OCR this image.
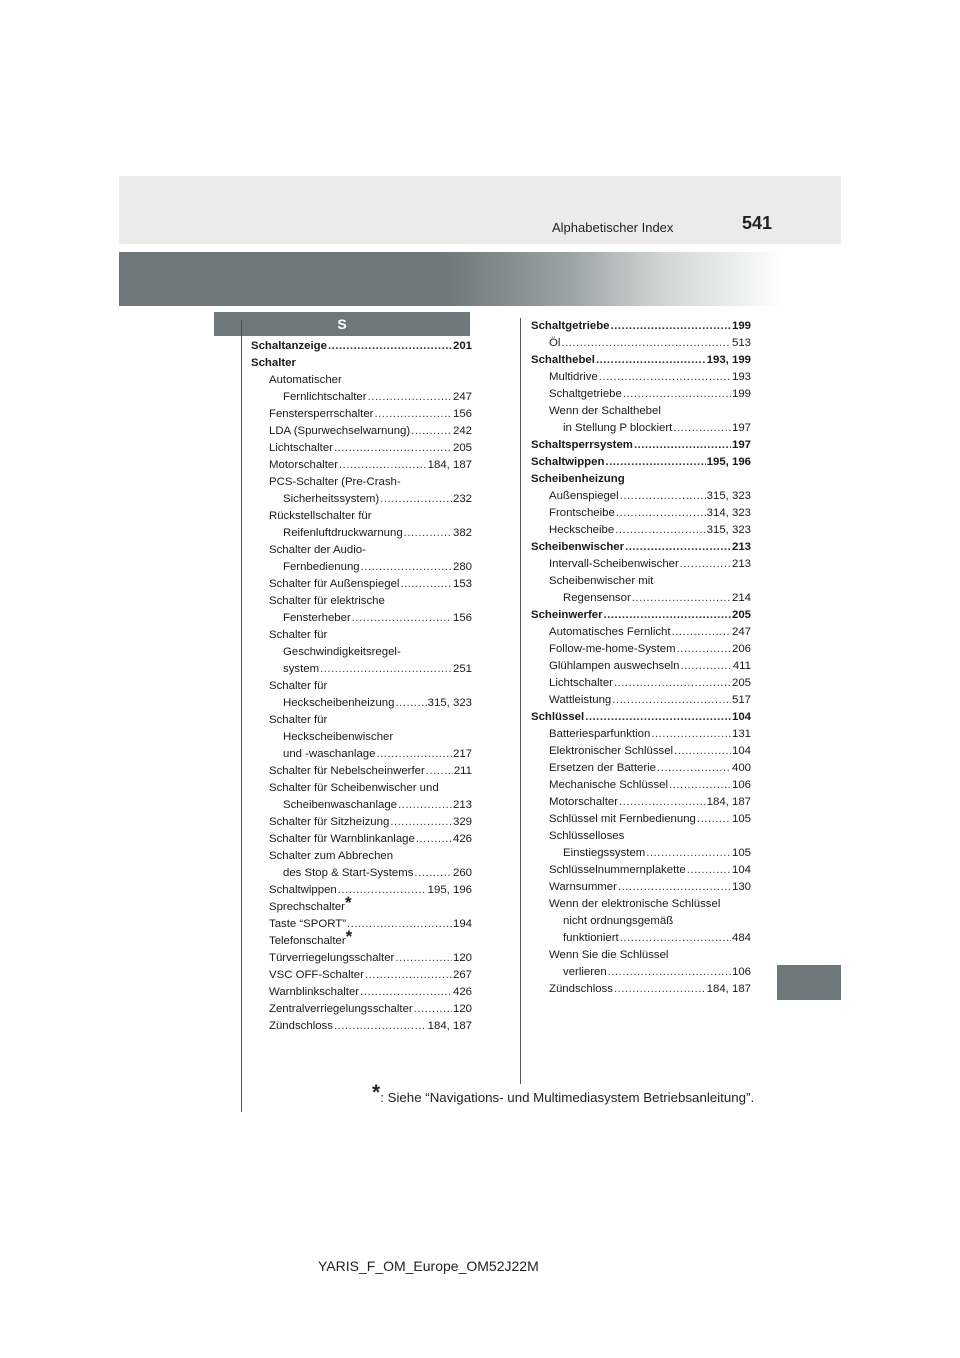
Alphabetischer Index	541
S
Schaltanzeige .....	201
Schalter
Automatischer
Fernlichtschalter .....	247
Fenstersperrschalter .....	156
LDA (Spurwechselwarnung) .....	242
Lichtschalter .....	205
Motorschalter .....	184, 187
PCS-Schalter (Pre-Crash-
Sicherheitssystem) .....	232
Rückstellschalter für
Reifenluftdruckwarnung .....	382
Schalter der Audio-
Fernbedienung .....	280
Schalter für Außenspiegel .....	153
Schalter für elektrische
Fensterheber .....	156
Schalter für
Geschwindigkeitsregel-
system .....	251
Schalter für
Heckscheibenheizung .....	315, 323
Schalter für
Heckscheibenwischer
und -waschanlage .....	217
Schalter für Nebelscheinwerfer .....	211
Schalter für Scheibenwischer und
Scheibenwaschanlage .....	213
Schalter für Sitzheizung .....	329
Schalter für Warnblinkanlage .....	426
Schalter zum Abbrechen
des Stop & Start-Systems .....	260
Schaltwippen .....	195, 196
Sprechschalter*
Taste “SPORT” .....	194
Telefonschalter*
Türverriegelungsschalter .....	120
VSC OFF-Schalter .....	267
Warnblinkschalter .....	426
Zentralverriegelungsschalter .....	120
Zündschloss .....	184, 187
Schaltgetriebe .....	199
Öl .....	513
Schalthebel .....	193, 199
Multidrive .....	193
Schaltgetriebe .....	199
Wenn der Schalthebel
in Stellung P blockiert .....	197
Schaltsperrsystem .....	197
Schaltwippen .....	195, 196
Scheibenheizung
Außenspiegel .....	315, 323
Frontscheibe .....	314, 323
Heckscheibe .....	315, 323
Scheibenwischer .....	213
Intervall-Scheibenwischer .....	213
Scheibenwischer mit
Regensensor .....	214
Scheinwerfer .....	205
Automatisches Fernlicht .....	247
Follow-me-home-System .....	206
Glühlampen auswechseln .....	411
Lichtschalter .....	205
Wattleistung .....	517
Schlüssel .....	104
Batteriesparfunktion .....	131
Elektronischer Schlüssel .....	104
Ersetzen der Batterie .....	400
Mechanische Schlüssel .....	106
Motorschalter .....	184, 187
Schlüssel mit Fernbedienung .....	105
Schlüsselloses
Einstiegssystem .....	105
Schlüsselnummernplakette .....	104
Warnsummer .....	130
Wenn der elektronische Schlüssel
nicht ordnungsgemäß
funktioniert .....	484
Wenn Sie die Schlüssel
verlieren .....	106
Zündschloss .....	184, 187
*: Siehe “Navigations- und Multimediasystem Betriebsanleitung”.
YARIS_F_OM_Europe_OM52J22M
